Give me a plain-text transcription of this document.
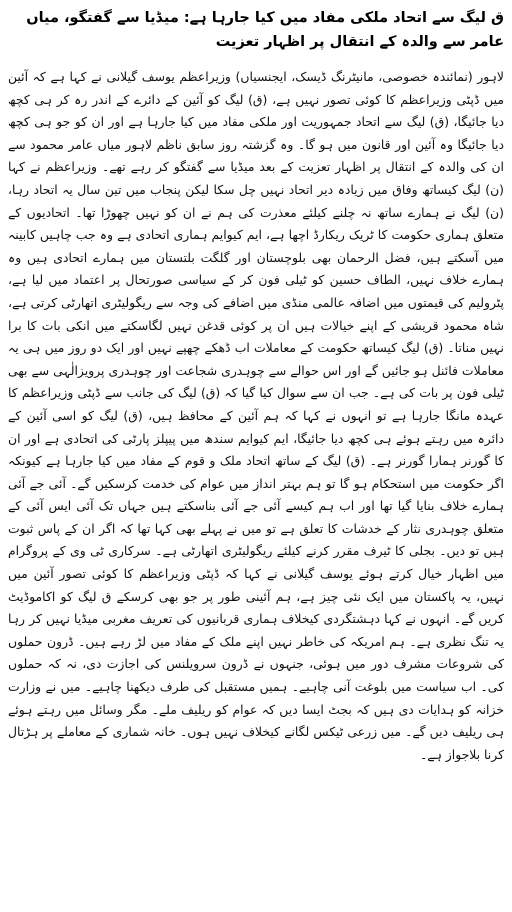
ق لیگ سے اتحاد ملکی مفاد میں کیا جارہا ہے: میڈیا سے گفتگو، میاں عامر سے والدہ کے انتقال پر اظہار تعزیت

لاہور (نمائندہ خصوصی، مانیٹرنگ ڈیسک، ایجنسیاں) وزیراعظم یوسف گیلانی نے کہا ہے کہ آئین میں ڈپٹی وزیراعظم کا کوئی تصور نہیں ہے، (ق) لیگ کو آئین کے دائرے کے اندر رہ کر ہی کچھ دیا جائیگا، (ق) لیگ سے اتحاد جمہوریت اور ملکی مفاد میں کیا جارہا ہے اور ان کو جو ہی کچھ دیا جائیگا وہ آئین اور قانون میں ہو گا۔ وہ گزشتہ روز سابق ناظم لاہور میاں عامر محمود سے ان کی والدہ کے انتقال پر اظہار تعزیت کے بعد میڈیا سے گفتگو کر رہے تھے۔ وزیراعظم نے کہا (ن) لیگ کیساتھ وفاق میں زیادہ دیر اتحاد نہیں چل سکا لیکن پنجاب میں تین سال یہ اتحاد رہا، (ن) لیگ نے ہمارے ساتھ نہ چلنے کیلئے معذرت کی ہم نے ان کو نہیں چھوڑا تھا۔ اتحادیوں کے متعلق ہماری حکومت کا ٹریک ریکارڈ اچھا ہے، ایم کیوایم ہماری اتحادی ہے وہ جب چاہیں کابینہ میں آسکتے ہیں، فضل الرحمان بھی بلوچستان اور گلگت بلتستان میں ہمارے اتحادی ہیں وہ ہمارے خلاف نہیں، الطاف حسین کو ٹیلی فون کر کے سیاسی صورتحال پر اعتماد میں لیا ہے، پٹرولیم کی قیمتوں میں اضافہ عالمی منڈی میں اضافے کی وجہ سے ریگولیٹری اتھارٹی کرتی ہے، شاہ محمود قریشی کے اپنے خیالات ہیں ان پر کوئی قدغن نہیں لگاسکتے میں انکی بات کا برا نہیں مناتا۔ (ق) لیگ کیساتھ حکومت کے معاملات اب ڈھکے چھپے نہیں اور ایک دو روز میں ہی یہ معاملات فائنل ہو جائیں گے اور اس حوالے سے چوہدری شجاعت اور چوہدری پرویزالٰہی سے بھی ٹیلی فون پر بات کی ہے۔ جب ان سے سوال کیا گیا کہ (ق) لیگ کی جانب سے ڈپٹی وزیراعظم کا عہدہ مانگا جارہا ہے تو انہوں نے کہا کہ ہم آئین کے محافظ ہیں، (ق) لیگ کو اسی آئین کے دائرہ میں رہتے ہوئے ہی کچھ دیا جائیگا، ایم کیوایم سندھ میں پیپلز پارٹی کی اتحادی ہے اور ان کا گورنر ہمارا گورنر ہے۔ (ق) لیگ کے ساتھ اتحاد ملک و قوم کے مفاد میں کیا جارہا ہے کیونکہ اگر حکومت میں استحکام ہو گا تو ہم بہتر انداز میں عوام کی خدمت کرسکیں گے۔ آئی جے آئی ہمارے خلاف بنایا گیا تھا اور اب ہم کیسے آئی جے آئی بناسکتے ہیں جہاں تک آئی ایس آئی کے متعلق چوہدری نثار کے خدشات کا تعلق ہے تو میں نے پہلے بھی کہا تھا کہ اگر ان کے پاس ثبوت ہیں تو دیں۔ بجلی کا ٹیرف مقرر کرنے کیلئے ریگولیٹری اتھارٹی ہے۔ سرکاری ٹی وی کے پروگرام میں اظہار خیال کرتے ہوئے یوسف گیلانی نے کہا کہ ڈپٹی وزیراعظم کا کوئی تصور آئین میں نہیں، یہ پاکستان میں ایک نئی چیز ہے، ہم آئینی طور پر جو بھی کرسکے ق لیگ کو اکاموڈیٹ کریں گے۔ انہوں نے کہا دہشتگردی کیخلاف ہماری قربانیوں کی تعریف مغربی میڈیا نہیں کر رہا یہ تنگ نظری ہے۔ ہم امریکہ کی خاطر نہیں اپنے ملک کے مفاد میں لڑ رہے ہیں۔ ڈرون حملوں کی شروعات مشرف دور میں ہوئی، جنہوں نے ڈرون سرویلنس کی اجازت دی، نہ کہ حملوں کی۔ اب سیاست میں بلوغت آنی چاہیے۔ ہمیں مستقبل کی طرف دیکھنا چاہیے۔ میں نے وزارت خزانہ کو ہدایات دی ہیں کہ بجٹ ایسا دیں کہ عوام کو ریلیف ملے۔ مگر وسائل میں رہتے ہوئے ہی ریلیف دیں گے۔ میں زرعی ٹیکس لگانے کیخلاف نہیں ہوں۔ خانہ شماری کے معاملے پر ہڑتال کرنا بلاجواز ہے۔
